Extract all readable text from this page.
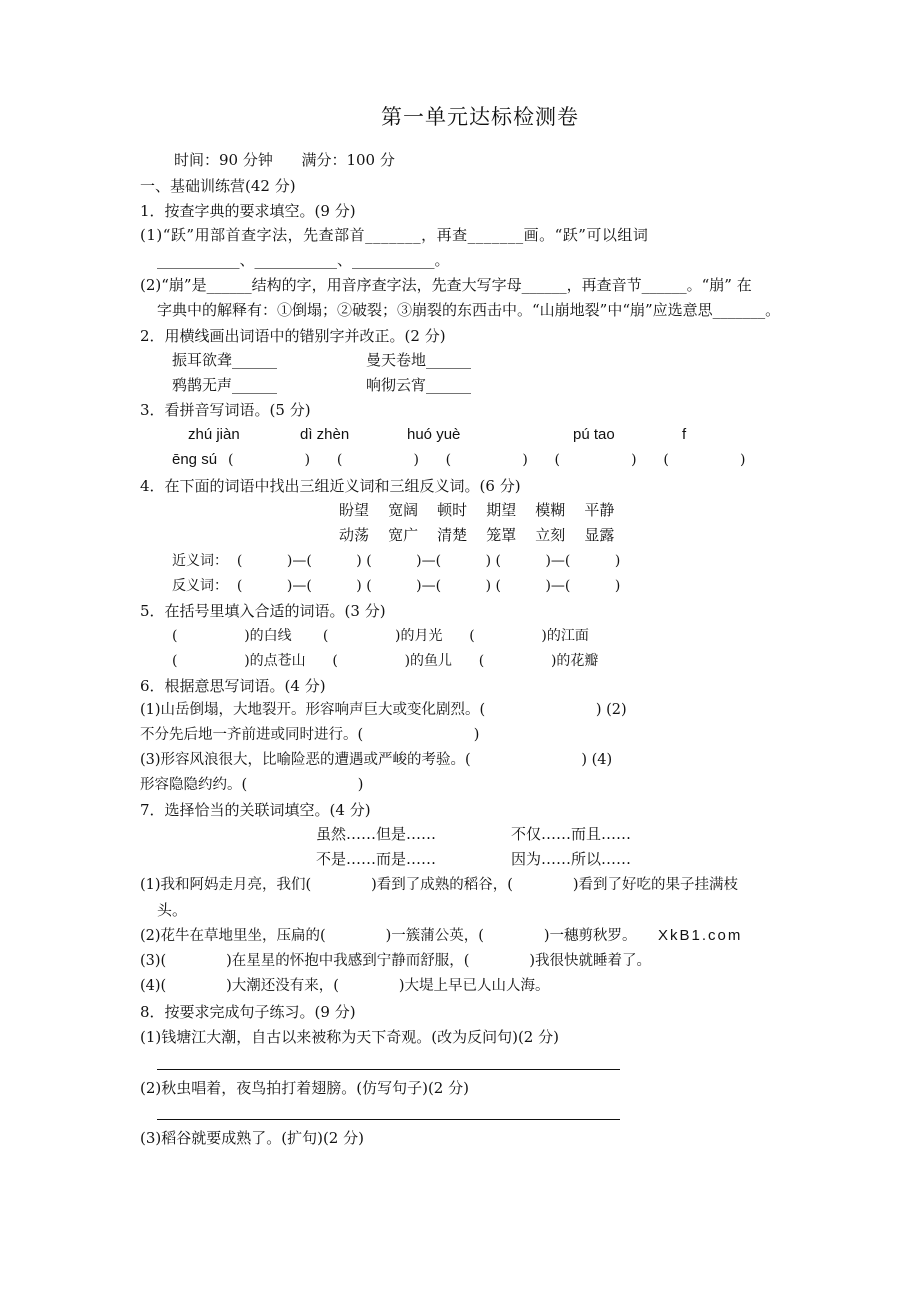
第一单元达标检测卷
时间：90 分钟      满分：100 分
一、基础训练营(42 分)
1．按查字典的要求填空。(9 分)
(1)“跃”用部首查字法，先查部首_______，再查_______画。“跃”可以组词
___________、___________、___________。
(2)“崩”是______结构的字，用音序查字法，先查大写字母______，再查音节______。“崩” 在
字典中的解释有：①倒塌；②破裂；③崩裂的东西击中。“山崩地裂”中“崩”应选意思_______。
2．用横线画出词语中的错别字并改正。(2 分)
振耳欲聋______	曼天卷地______
鸦鹊无声______	响彻云宵______
3．看拼音写词语。(5 分)
zhú jiàn	dì zhèn	huó yuè	pú tao	f
ēng sú (                )      (                )      (                )      (                )      (                )
4．在下面的词语中找出三组近义词和三组反义词。(6 分)
盼望    宽阔    顿时    期望    模糊    平静
动荡    宽广    清楚    笼罩    立刻    显露
近义词：  (          )—(          ) (          )—(          ) (          )—(          )
反义词：  (          )—(          ) (          )—(          ) (          )—(          )
5．在括号里填入合适的词语。(3 分)
(               )的白线       (               )的月光      (               )的江面
(               )的点苍山      (               )的鱼儿      (               )的花瓣
6．根据意思写词语。(4 分)
(1)山岳倒塌，大地裂开。形容响声巨大或变化剧烈。(                        ) (2)
不分先后地一齐前进或同时进行。(                        )
(3)形容风浪很大，比喻险恶的遭遇或严峻的考验。(                        ) (4)
形容隐隐约约。(                        )
7．选择恰当的关联词填空。(4 分)
虽然……但是……	不仅……而且……
不是……而是……	因为……所以……
(1)我和阿妈走月亮，我们(             )看到了成熟的稻谷，(             )看到了好吃的果子挂满枝
头。
(2)花牛在草地里坐，压扁的(             )一簇蒲公英，(             )一穗剪秋罗。 XkB1.com
(3)(             )在星星的怀抱中我感到宁静而舒服，(             )我很快就睡着了。
(4)(             )大潮还没有来，(             )大堤上早已人山人海。
8．按要求完成句子练习。(9 分)
(1)钱塘江大潮，自古以来被称为天下奇观。(改为反问句)(2 分)
(2)秋虫唱着，夜鸟拍打着翅膀。(仿写句子)(2 分)
(3)稻谷就要成熟了。(扩句)(2 分)
